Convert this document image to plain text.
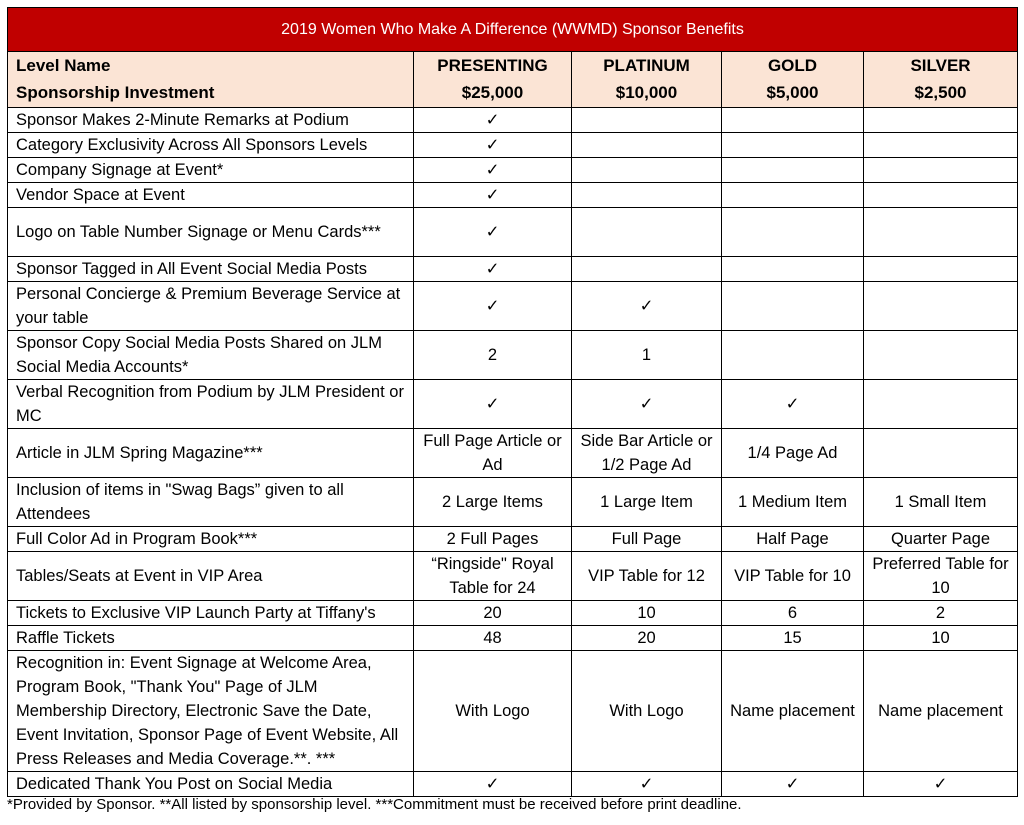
2019 Women Who Make A Difference (WWMD) Sponsor Benefits				
Level Name	PRESENTING	PLATINUM	GOLD	SILVER
Sponsorship Investment	$25,000	$10,000	$5,000	$2,500
Sponsor Makes 2-Minute Remarks at Podium	✓			
Category Exclusivity Across All Sponsors Levels	✓			
Company Signage at Event*	✓			
Vendor Space at Event	✓			
Logo on Table Number Signage or Menu Cards***	✓			
Sponsor Tagged in All Event Social Media Posts	✓			
Personal Concierge & Premium Beverage Service at your table	✓	✓		
Sponsor Copy Social Media Posts Shared on JLM Social Media Accounts*	2	1		
Verbal Recognition from Podium by JLM President or MC	✓	✓	✓	
Article in JLM Spring Magazine***	Full Page Article or Ad	Side Bar Article or 1/2 Page Ad	1/4 Page Ad	
Inclusion of items in "Swag Bags” given to all Attendees	2 Large Items	1 Large Item	1 Medium Item	1 Small Item
Full Color Ad in Program Book***	2 Full Pages	Full Page	Half Page	Quarter Page
Tables/Seats at Event in VIP Area	“Ringside" Royal Table for 24	VIP Table for 12	VIP Table for 10	Preferred Table for 10
Tickets to Exclusive VIP Launch Party at Tiffany's	20	10	6	2
Raffle Tickets	48	20	15	10
Recognition in: Event Signage at Welcome Area, Program Book, "Thank You" Page of JLM Membership Directory, Electronic Save the Date, Event Invitation, Sponsor Page of Event Website, All Press Releases and Media Coverage.**. ***	With Logo	With Logo	Name placement	Name placement
Dedicated Thank You Post on Social Media	✓	✓	✓	✓
*Provided by Sponsor. **All listed by sponsorship level. ***Commitment must be received before print deadline.
